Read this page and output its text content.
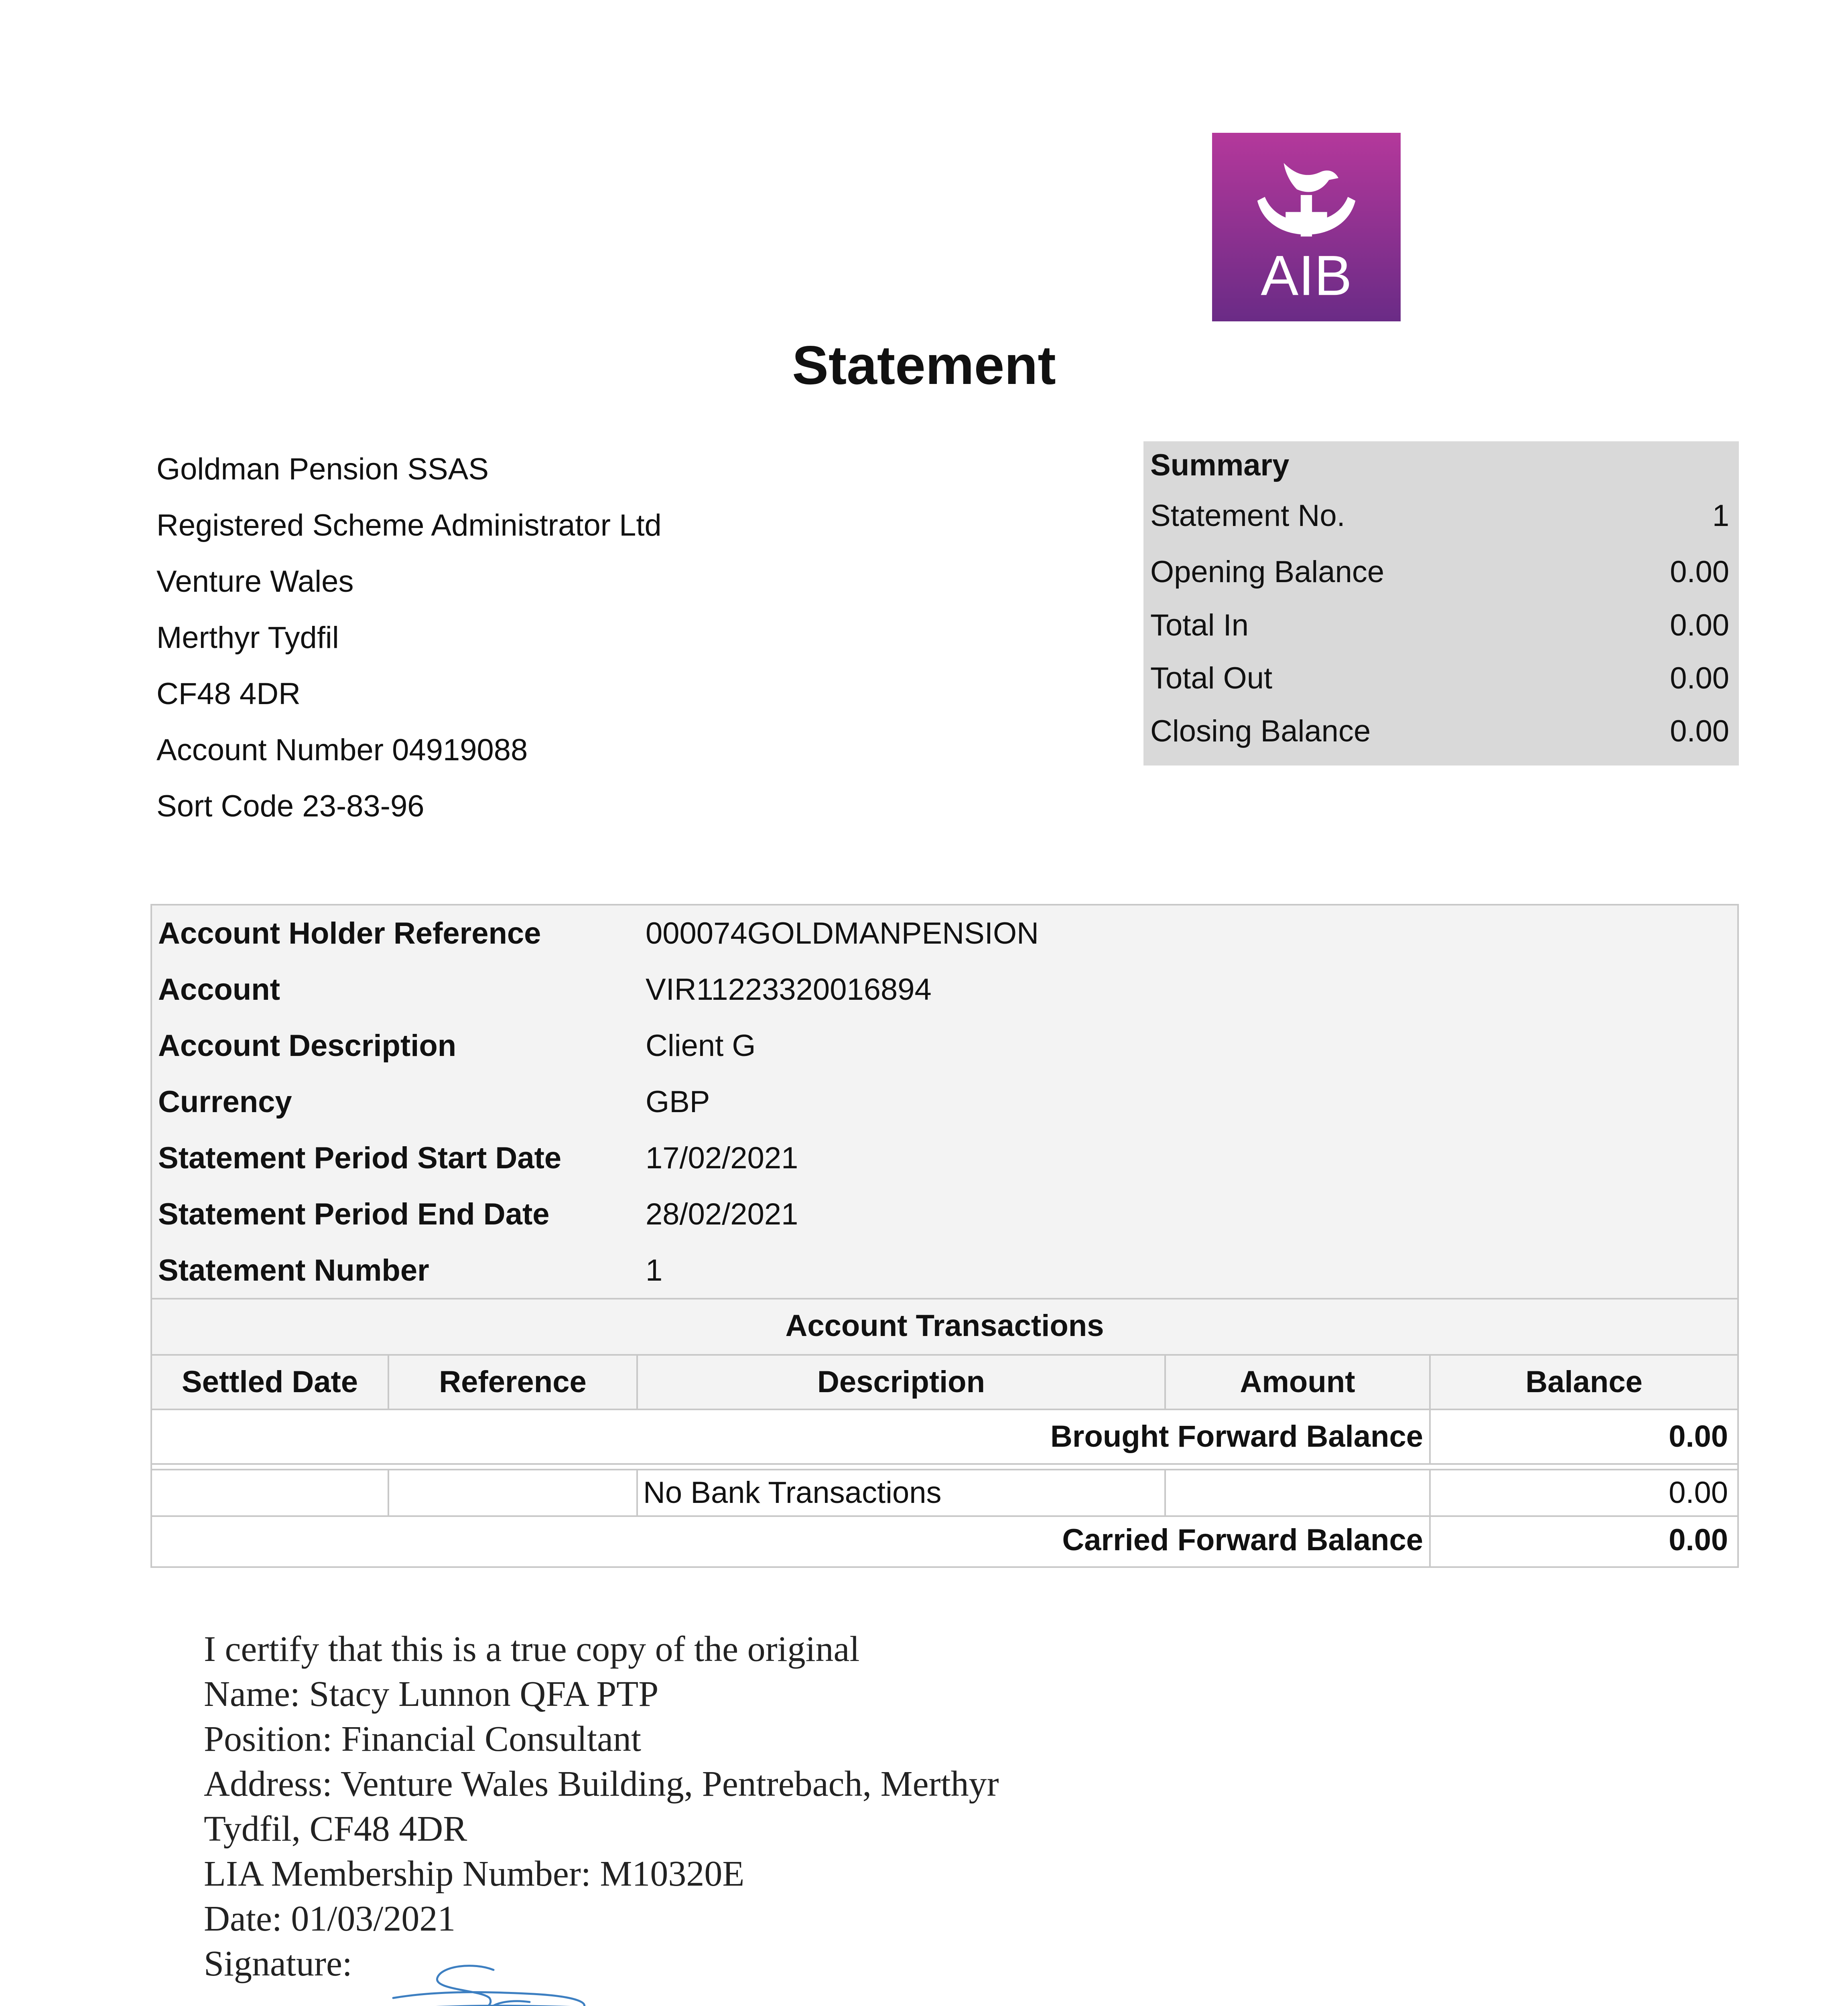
AIB
Statement
Goldman Pension SSAS
Registered Scheme Administrator Ltd
Venture Wales
Merthyr Tydfil
CF48 4DR
Account Number 04919088
Sort Code 23-83-96
Summary
Statement No.	1
Opening Balance	0.00
Total In	0.00
Total Out	0.00
Closing Balance	0.00
Account Holder Reference	000074GOLDMANPENSION
Account	VIR11223320016894
Account Description	Client G
Currency	GBP
Statement Period Start Date	17/02/2021
Statement Period End Date	28/02/2021
Statement Number	1
Account Transactions
Settled Date	Reference	Description	Amount	Balance
Brought Forward Balance	0.00
No Bank Transactions	0.00
Carried Forward Balance	0.00
I certify that this is a true copy of the original
Name: Stacy Lunnon QFA PTP
Position: Financial Consultant
Address: Venture Wales Building, Pentrebach, Merthyr
Tydfil, CF48 4DR
LIA Membership Number: M10320E
Date: 01/03/2021
Signature:
